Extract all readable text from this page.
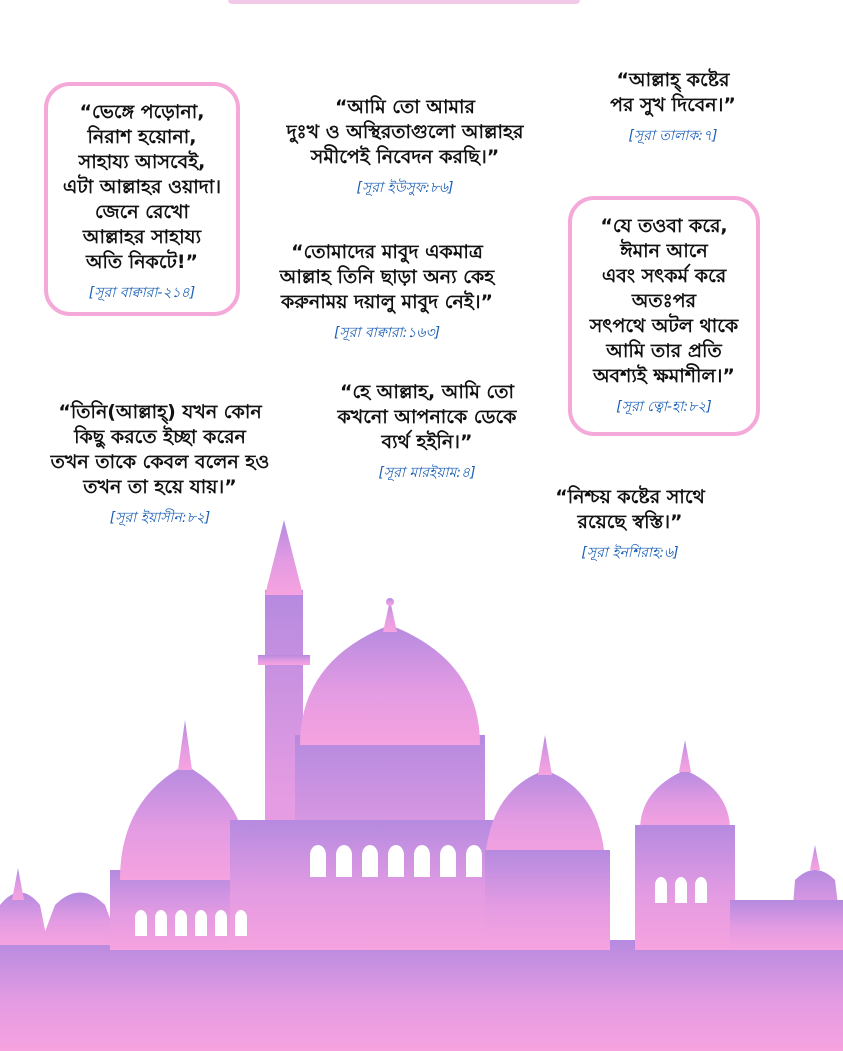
“ভেঙ্গে পড়োনা,
নিরাশ হয়োনা,
সাহায্য আসবেই,
এটা আল্লাহর ওয়াদা।
জেনে রেখো
আল্লাহর সাহায্য
অতি নিকটে!”
[সূরা বাক্বারা-২১৪]
“আমি তো আমার
দুঃখ ও অস্থিরতাগুলো আল্লাহর
সমীপেই নিবেদন করছি।”
[সূরা ইউসুফ:৮৬]
“আল্লাহ্‌ কষ্টের
পর সুখ দিবেন।”
[সূরা তালাক:৭]
“তোমাদের মাবুদ একমাত্র
আল্লাহ তিনি ছাড়া অন্য কেহ
করুনাময় দয়ালু মাবুদ নেই।”
[সূরা বাক্বারা:১৬৩]
“যে তওবা করে,
ঈমান আনে
এবং সৎকর্ম করে
অতঃপর
সৎপথে অটল থাকে
আমি তার প্রতি
অবশ্যই ক্ষমাশীল।”
[সূরা ত্বো-হা:৮২]
“তিনি(আল্লাহ্‌) যখন কোন
কিছু করতে ইচ্ছা করেন
তখন তাকে কেবল বলেন হও
তখন তা হয়ে যায়।”
[সূরা ইয়াসীন:৮২]
“হে আল্লাহ, আমি তো
কখনো আপনাকে ডেকে
ব্যর্থ হইনি।”
[সূরা মারইয়াম:৪]
“নিশ্চয় কষ্টের সাথে
রয়েছে স্বস্তি।”
[সূরা ইনশিরাহ:৬]
